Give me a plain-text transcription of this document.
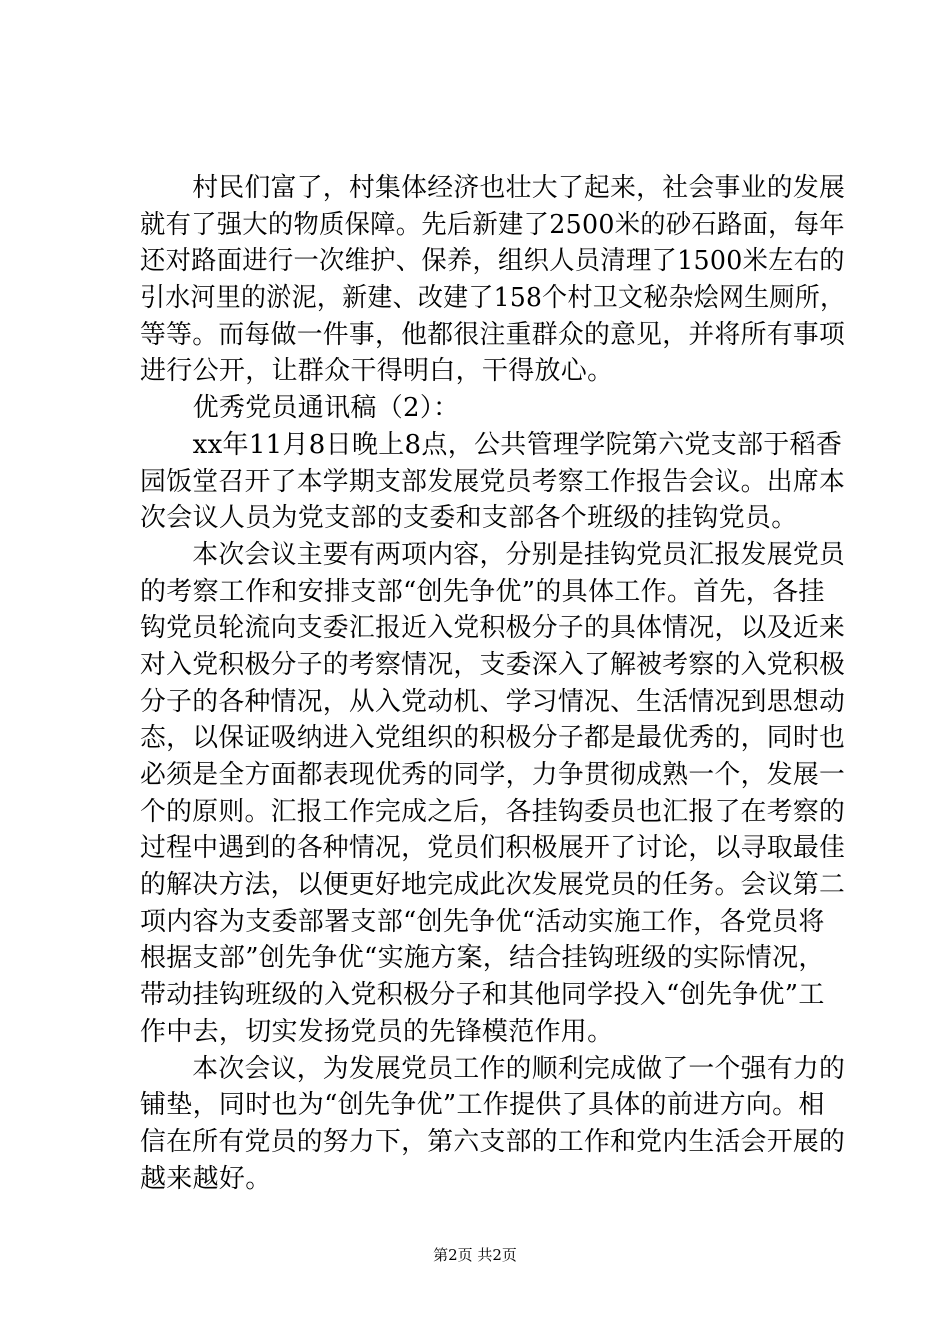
　　村民们富了，村集体经济也壮大了起来，社会事业的发展
就有了强大的物质保障。先后新建了2500米的砂石路面，每年
还对路面进行一次维护、保养，组织人员清理了1500米左右的
引水河里的淤泥，新建、改建了158个村卫文秘杂烩网生厕所，
等等。而每做一件事，他都很注重群众的意见，并将所有事项
进行公开，让群众干得明白，干得放心。
　　优秀党员通讯稿（2）：
　　xx年11月8日晚上8点，公共管理学院第六党支部于稻香
园饭堂召开了本学期支部发展党员考察工作报告会议。出席本
次会议人员为党支部的支委和支部各个班级的挂钩党员。
　　本次会议主要有两项内容，分别是挂钩党员汇报发展党员
的考察工作和安排支部“创先争优”的具体工作。首先，各挂
钩党员轮流向支委汇报近入党积极分子的具体情况，以及近来
对入党积极分子的考察情况，支委深入了解被考察的入党积极
分子的各种情况，从入党动机、学习情况、生活情况到思想动
态，以保证吸纳进入党组织的积极分子都是最优秀的，同时也
必须是全方面都表现优秀的同学，力争贯彻成熟一个，发展一
个的原则。汇报工作完成之后，各挂钩委员也汇报了在考察的
过程中遇到的各种情况，党员们积极展开了讨论，以寻取最佳
的解决方法，以便更好地完成此次发展党员的任务。会议第二
项内容为支委部署支部“创先争优“活动实施工作，各党员将
根据支部”创先争优“实施方案，结合挂钩班级的实际情况，
带动挂钩班级的入党积极分子和其他同学投入“创先争优”工
作中去，切实发扬党员的先锋模范作用。
　　本次会议，为发展党员工作的顺利完成做了一个强有力的
铺垫，同时也为“创先争优”工作提供了具体的前进方向。相
信在所有党员的努力下，第六支部的工作和党内生活会开展的
越来越好。
第2页 共2页
